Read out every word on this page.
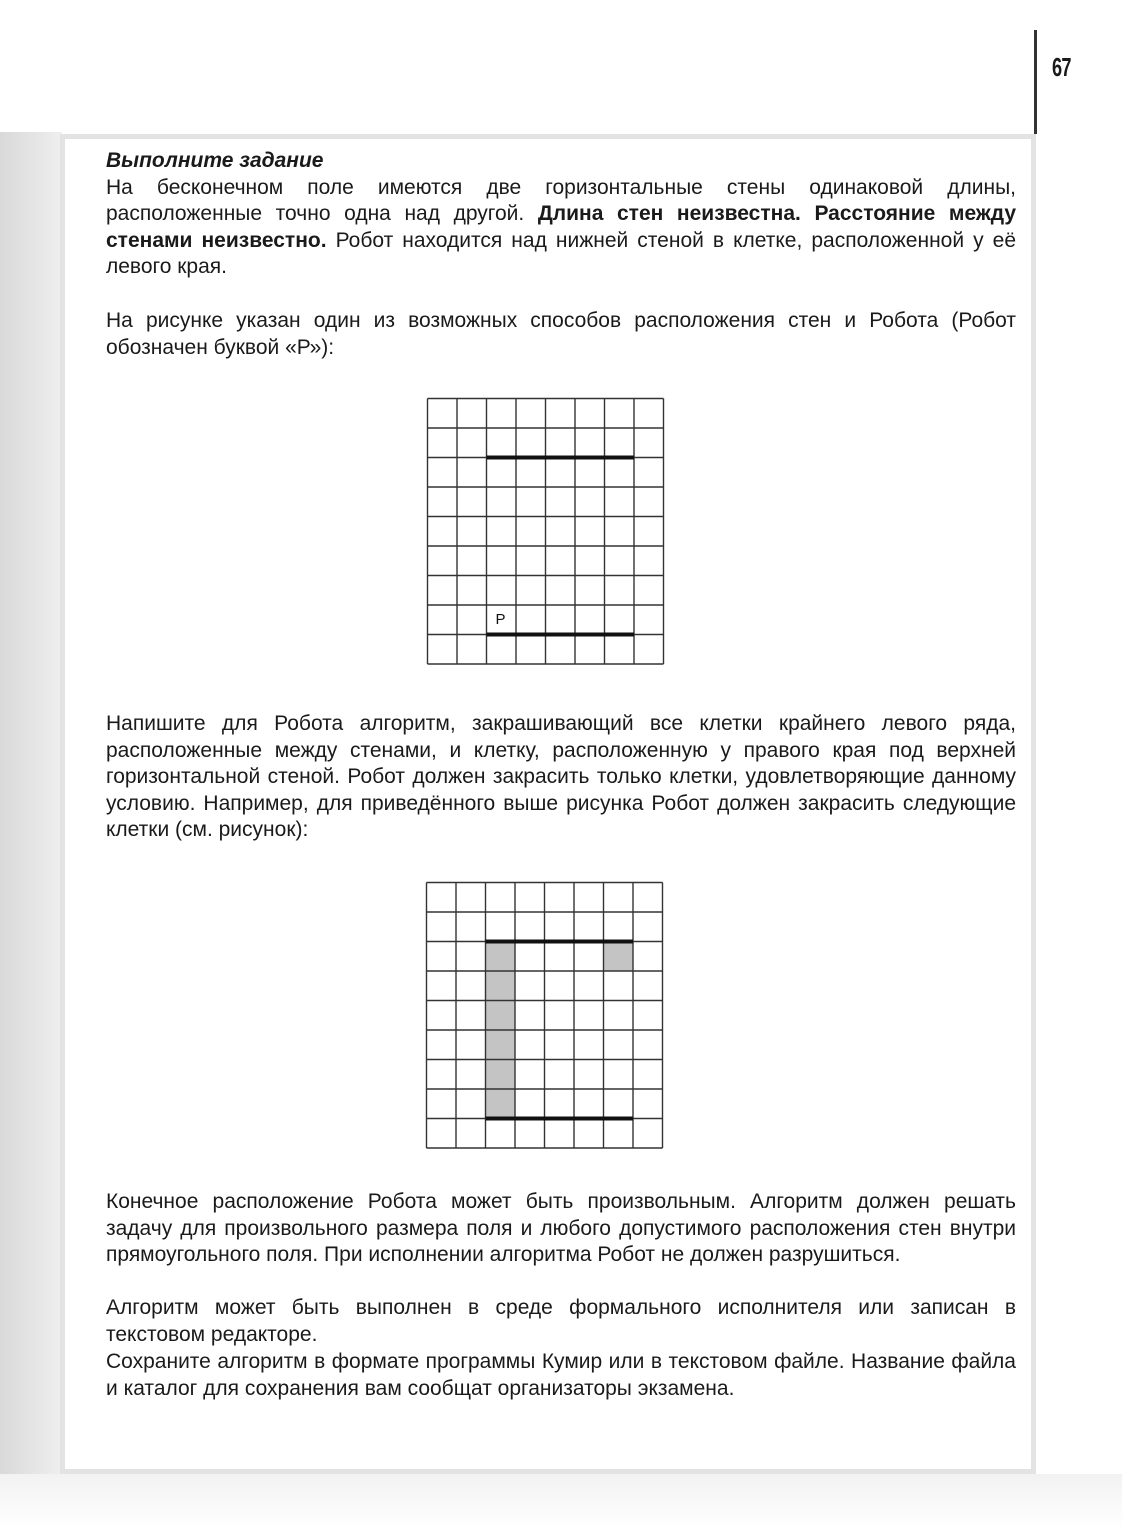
67
Выполните задание
На бесконечном поле имеются две горизонтальные стены одинаковой длины, расположенные точно одна над другой. Длина стен неизвестна. Расстояние между стенами неизвестно. Робот находится над нижней стеной в клетке, расположенной у её левого края.
На рисунке указан один из возможных способов расположения стен и Робота (Робот обозначен буквой «Р»):
Р
Напишите для Робота алгоритм, закрашивающий все клетки крайнего левого ряда, расположенные между стенами, и клетку, расположенную у правого края под верхней горизонтальной стеной. Робот должен закрасить только клетки, удовлетворяющие данному условию. Например, для приведённого выше рисунка Робот должен закрасить следующие клетки (см. рисунок):
Конечное расположение Робота может быть произвольным. Алгоритм должен решать задачу для произвольного размера поля и любого допустимого расположения стен внутри прямоугольного поля. При исполнении алгоритма Робот не должен разрушиться.
Алгоритм может быть выполнен в среде формального исполнителя или записан в текстовом редакторе.
Сохраните алгоритм в формате программы Кумир или в текстовом файле. Название файла и каталог для сохранения вам сообщат организаторы экзамена.
